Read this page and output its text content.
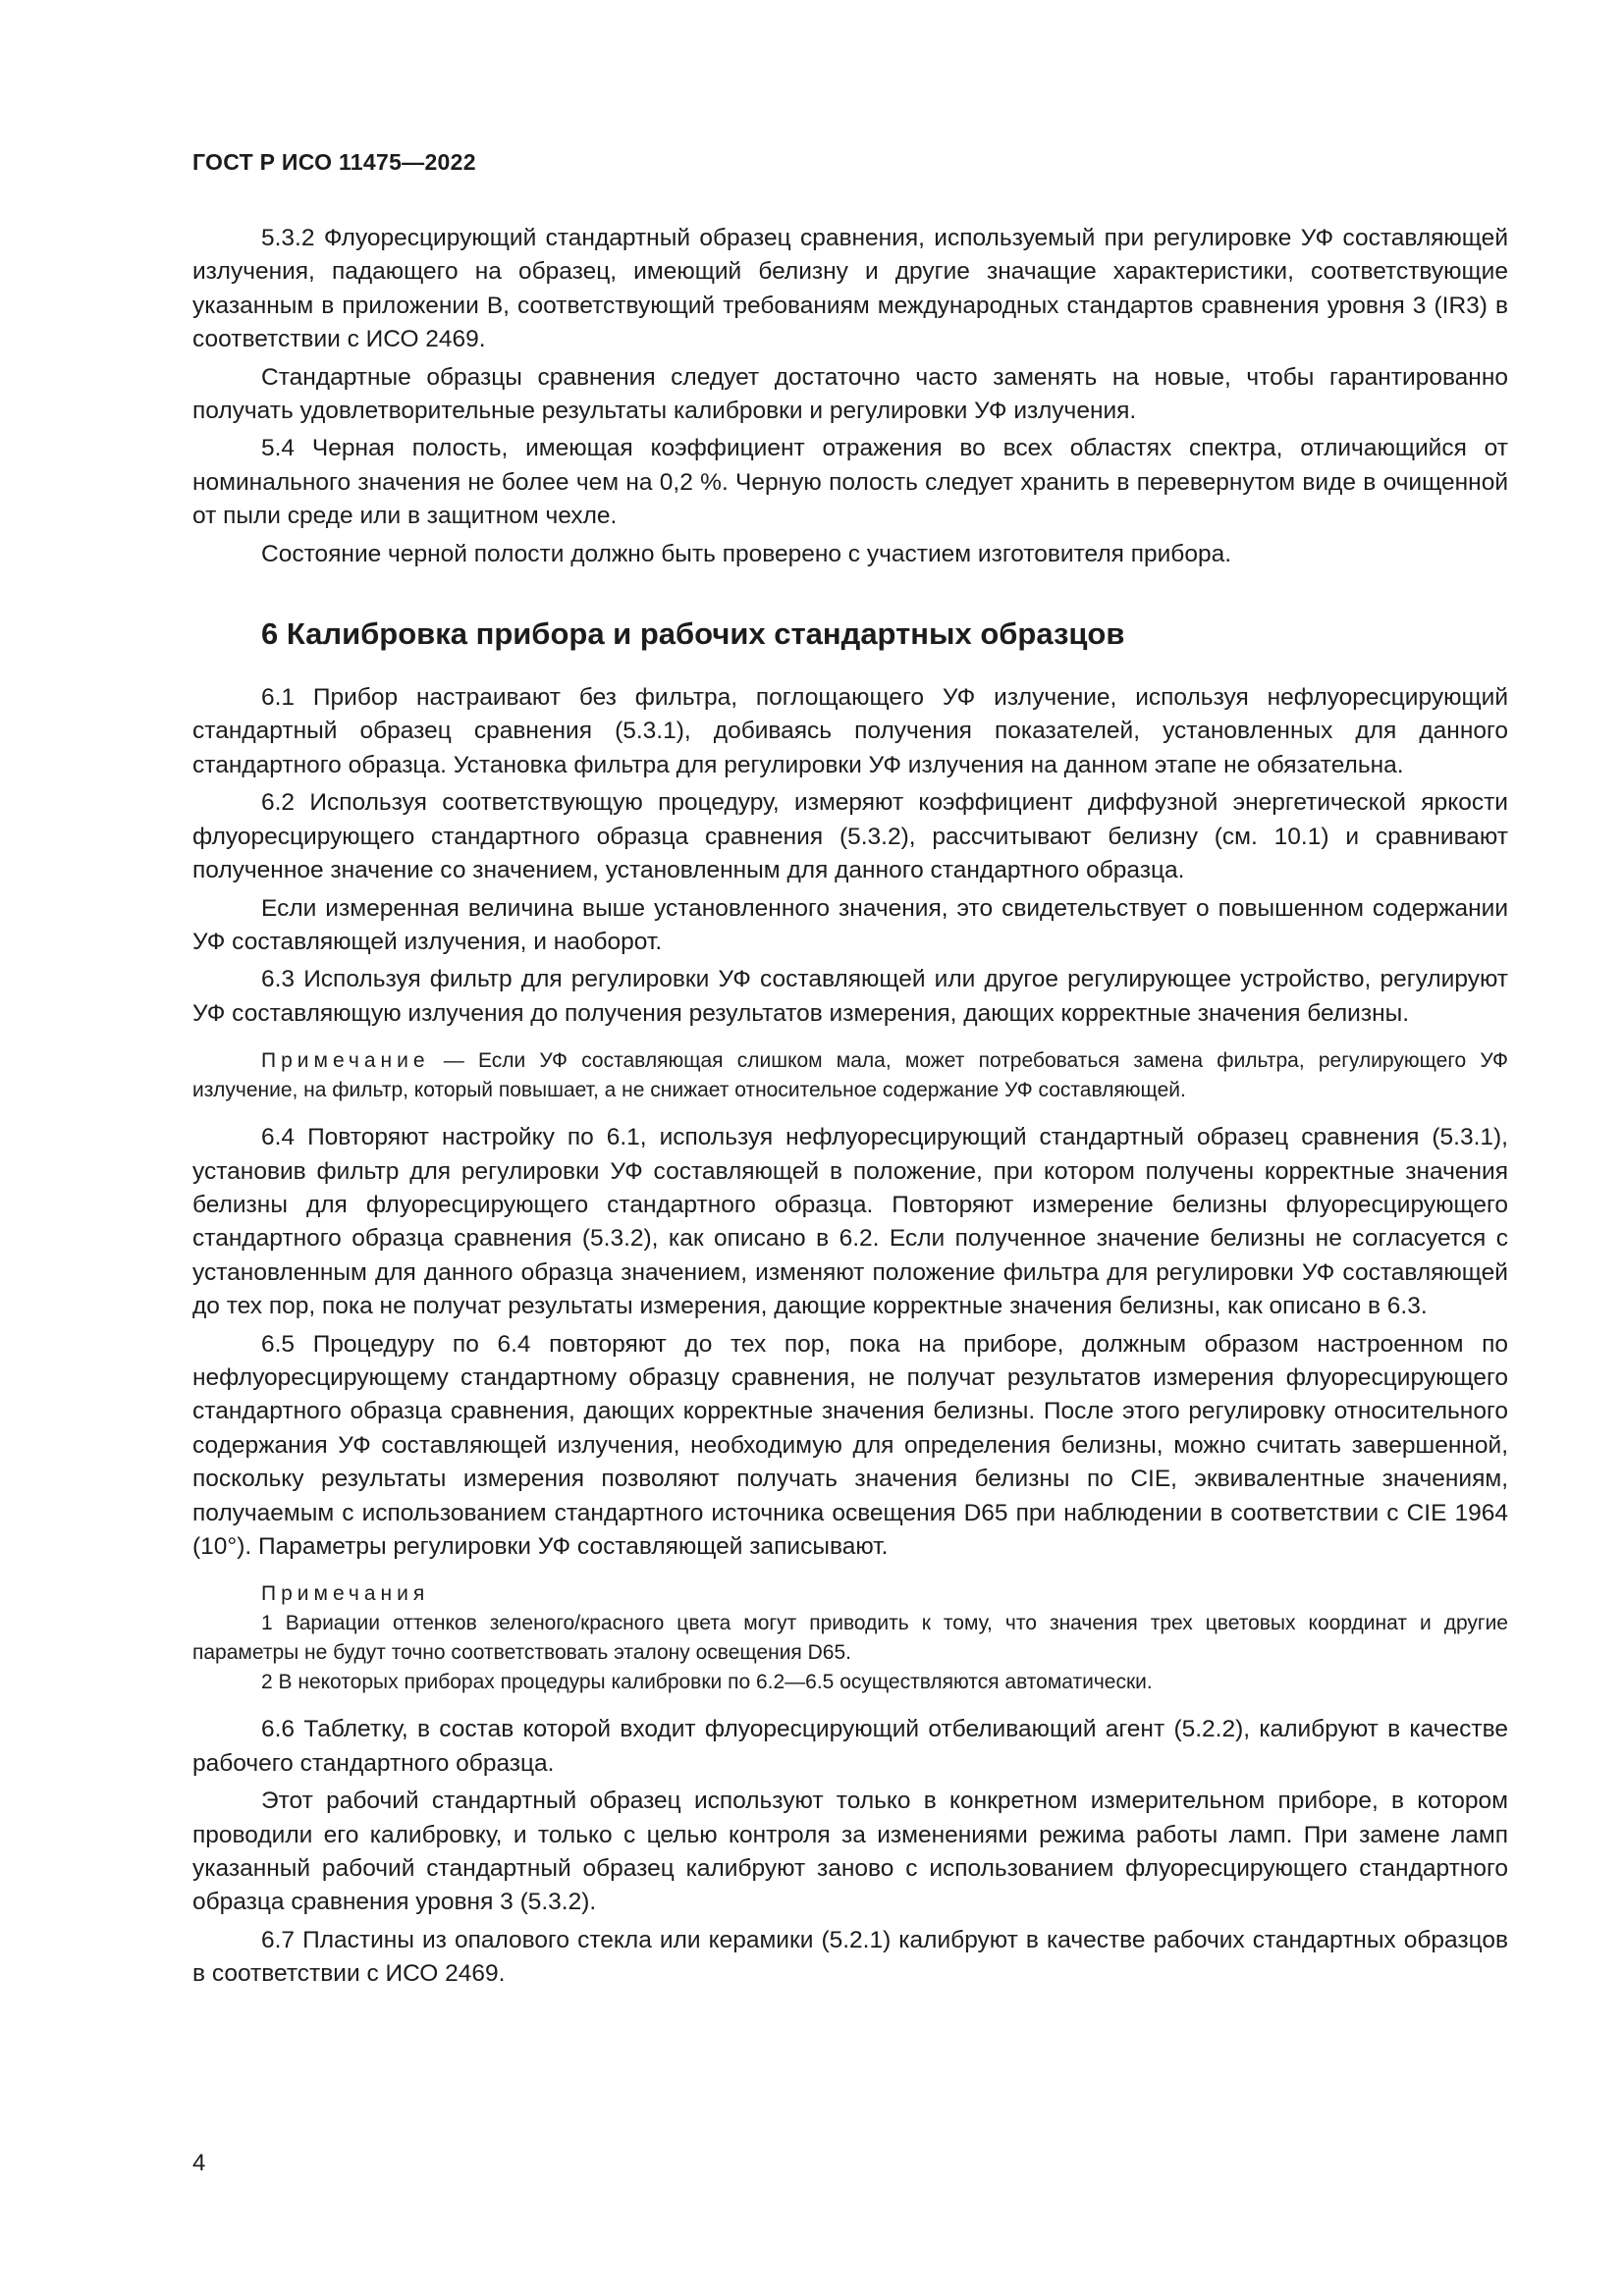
ГОСТ Р ИСО 11475—2022

5.3.2 Флуоресцирующий стандартный образец сравнения, используемый при регулировке УФ составляющей излучения, падающего на образец, имеющий белизну и другие значащие характеристики, соответствующие указанным в приложении В, соответствующий требованиям международных стандартов сравнения уровня 3 (IR3) в соответствии с ИСО 2469.

Стандартные образцы сравнения следует достаточно часто заменять на новые, чтобы гарантированно получать удовлетворительные результаты калибровки и регулировки УФ излучения.

5.4 Черная полость, имеющая коэффициент отражения во всех областях спектра, отличающийся от номинального значения не более чем на 0,2 %. Черную полость следует хранить в перевернутом виде в очищенной от пыли среде или в защитном чехле.

Состояние черной полости должно быть проверено с участием изготовителя прибора.

6 Калибровка прибора и рабочих стандартных образцов

6.1 Прибор настраивают без фильтра, поглощающего УФ излучение, используя нефлуоресцирующий стандартный образец сравнения (5.3.1), добиваясь получения показателей, установленных для данного стандартного образца. Установка фильтра для регулировки УФ излучения на данном этапе не обязательна.

6.2 Используя соответствующую процедуру, измеряют коэффициент диффузной энергетической яркости флуоресцирующего стандартного образца сравнения (5.3.2), рассчитывают белизну (см. 10.1) и сравнивают полученное значение со значением, установленным для данного стандартного образца.

Если измеренная величина выше установленного значения, это свидетельствует о повышенном содержании УФ составляющей излучения, и наоборот.

6.3 Используя фильтр для регулировки УФ составляющей или другое регулирующее устройство, регулируют УФ составляющую излучения до получения результатов измерения, дающих корректные значения белизны.

Примечание — Если УФ составляющая слишком мала, может потребоваться замена фильтра, регулирующего УФ излучение, на фильтр, который повышает, а не снижает относительное содержание УФ составляющей.

6.4 Повторяют настройку по 6.1, используя нефлуоресцирующий стандартный образец сравнения (5.3.1), установив фильтр для регулировки УФ составляющей в положение, при котором получены корректные значения белизны для флуоресцирующего стандартного образца. Повторяют измерение белизны флуоресцирующего стандартного образца сравнения (5.3.2), как описано в 6.2. Если полученное значение белизны не согласуется с установленным для данного образца значением, изменяют положение фильтра для регулировки УФ составляющей до тех пор, пока не получат результаты измерения, дающие корректные значения белизны, как описано в 6.3.

6.5 Процедуру по 6.4 повторяют до тех пор, пока на приборе, должным образом настроенном по нефлуоресцирующему стандартному образцу сравнения, не получат результатов измерения флуоресцирующего стандартного образца сравнения, дающих корректные значения белизны. После этого регулировку относительного содержания УФ составляющей излучения, необходимую для определения белизны, можно считать завершенной, поскольку результаты измерения позволяют получать значения белизны по CIE, эквивалентные значениям, получаемым с использованием стандартного источника освещения D65 при наблюдении в соответствии с CIE 1964 (10°). Параметры регулировки УФ составляющей записывают.

Примечания

1 Вариации оттенков зеленого/красного цвета могут приводить к тому, что значения трех цветовых координат и другие параметры не будут точно соответствовать эталону освещения D65.

2 В некоторых приборах процедуры калибровки по 6.2—6.5 осуществляются автоматически.

6.6 Таблетку, в состав которой входит флуоресцирующий отбеливающий агент (5.2.2), калибруют в качестве рабочего стандартного образца.

Этот рабочий стандартный образец используют только в конкретном измерительном приборе, в котором проводили его калибровку, и только с целью контроля за изменениями режима работы ламп. При замене ламп указанный рабочий стандартный образец калибруют заново с использованием флуоресцирующего стандартного образца сравнения уровня 3 (5.3.2).

6.7 Пластины из опалового стекла или керамики (5.2.1) калибруют в качестве рабочих стандартных образцов в соответствии с ИСО 2469.

4
